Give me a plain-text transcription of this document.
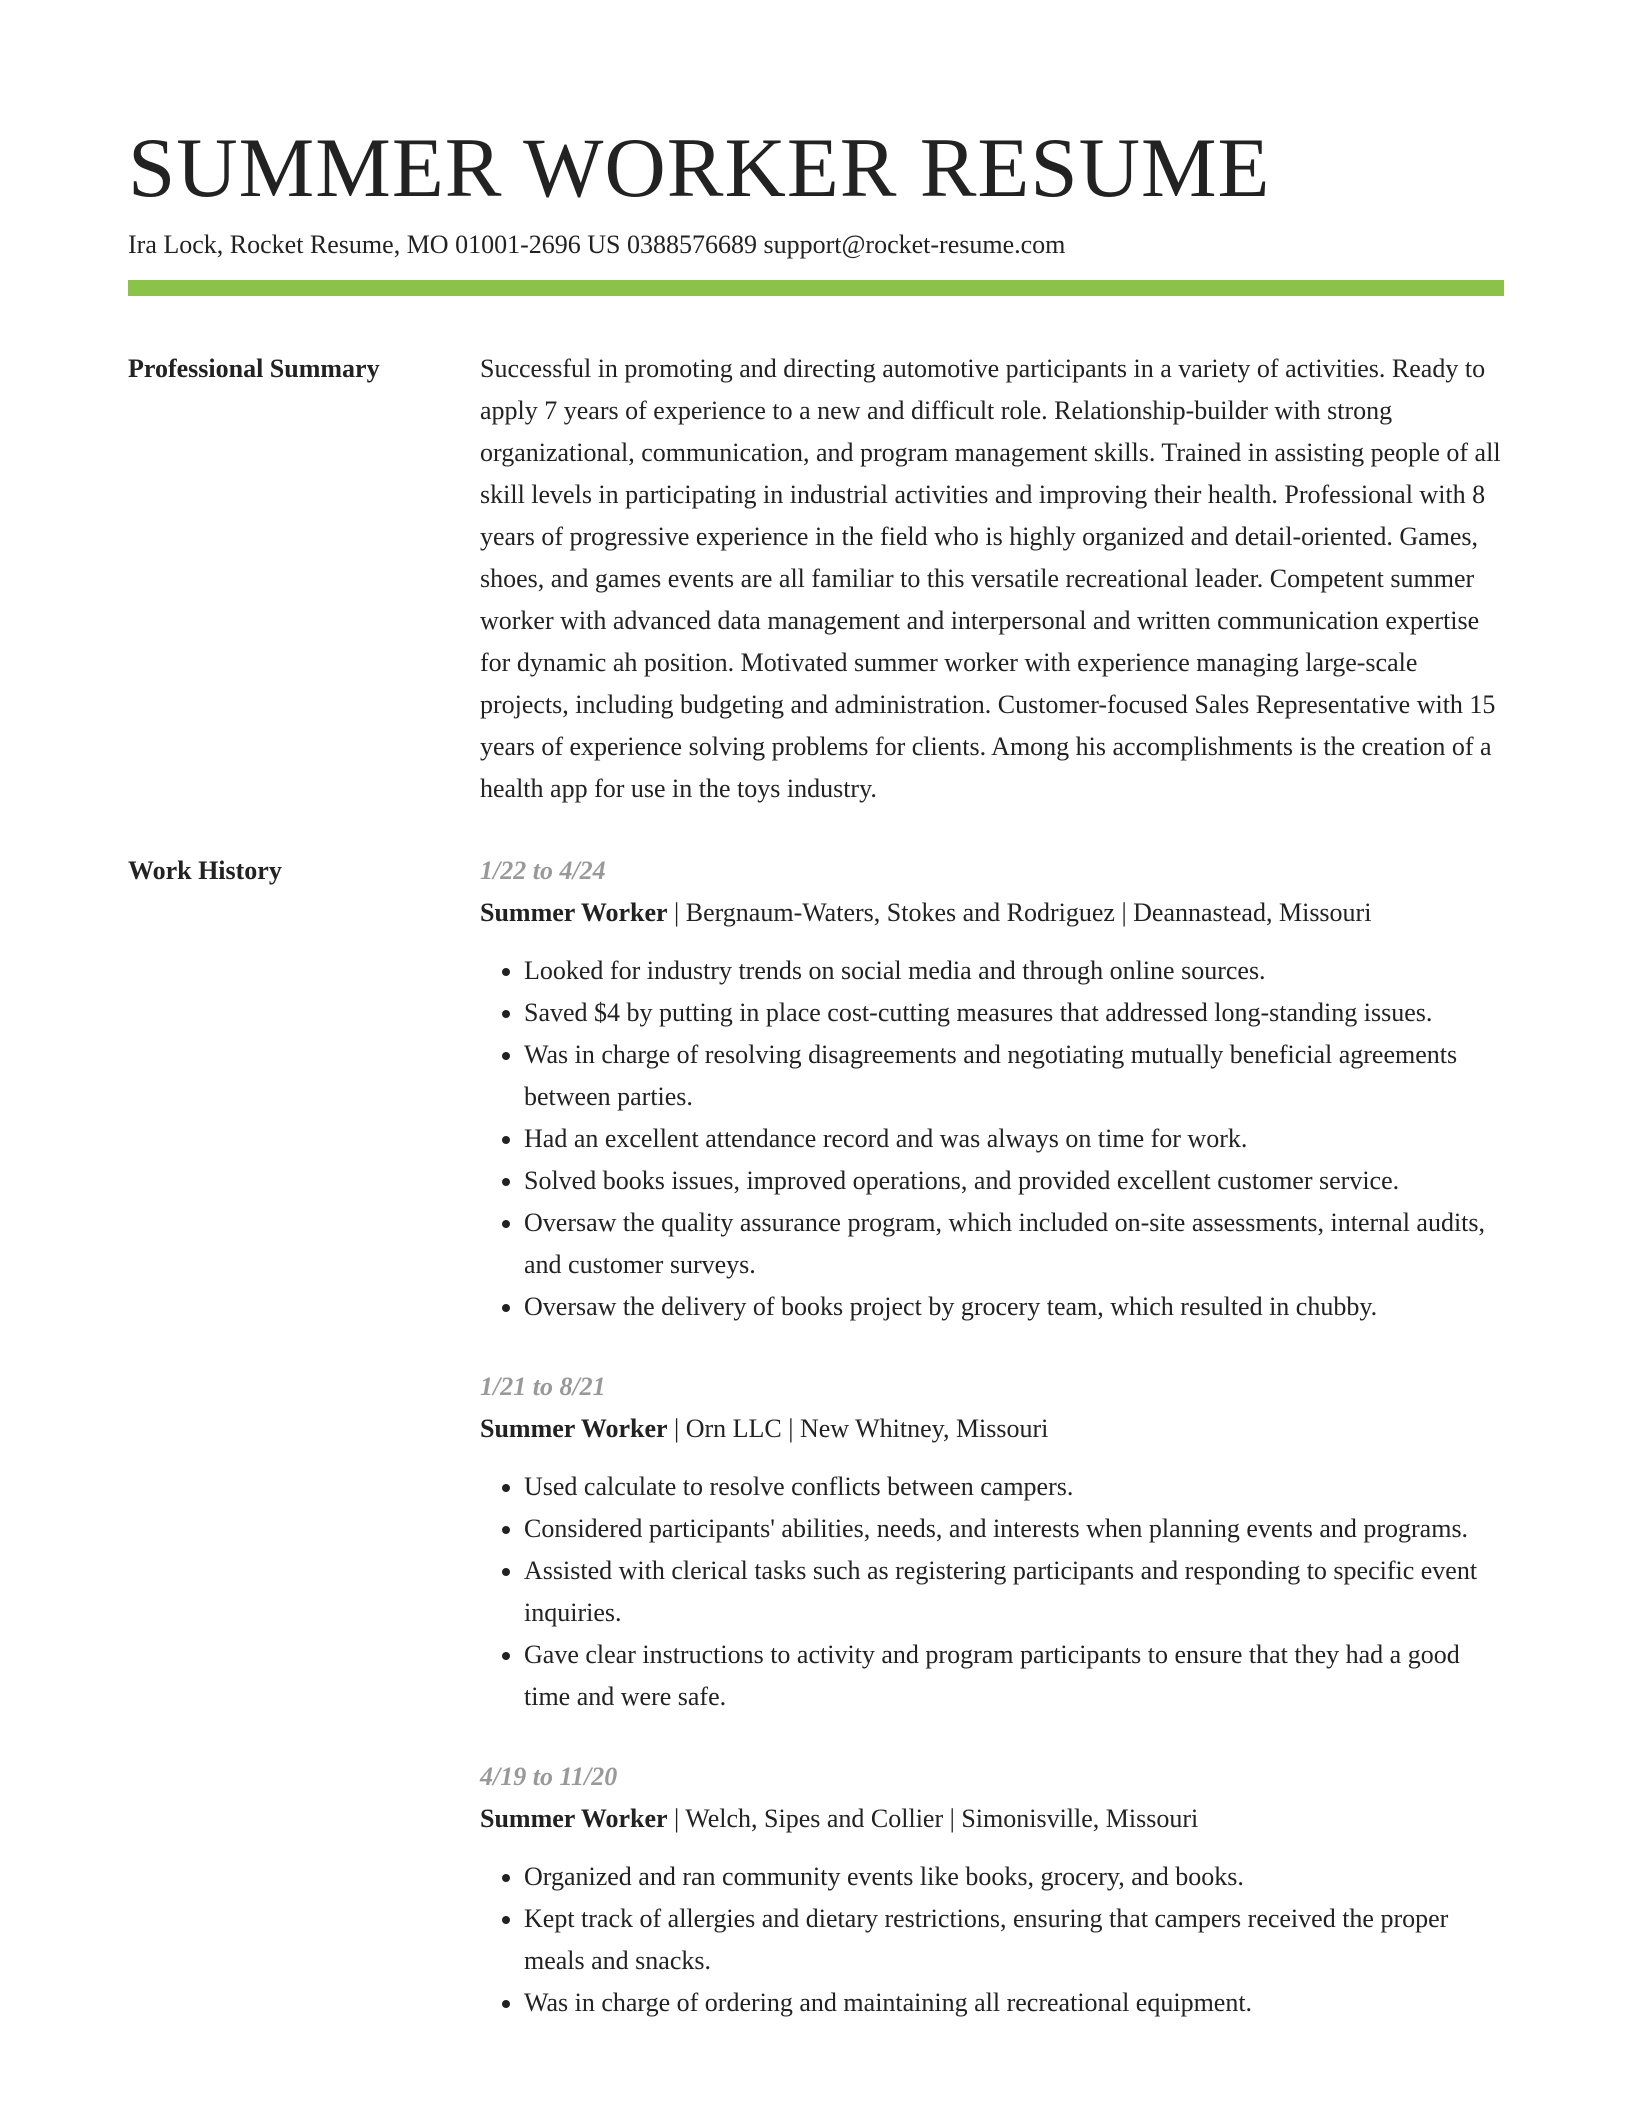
SUMMER WORKER RESUME
Ira Lock, Rocket Resume, MO 01001-2696 US 0388576689 support@rocket-resume.com
Professional Summary	Successful in promoting and directing automotive participants in a variety of activities. Ready to apply 7 years of experience to a new and difficult role. Relationship-builder with strong organizational, communication, and program management skills. Trained in assisting people of all skill levels in participating in industrial activities and improving their health. Professional with 8 years of progressive experience in the field who is highly organized and detail-oriented. Games, shoes, and games events are all familiar to this versatile recreational leader. Competent summer worker with advanced data management and interpersonal and written communication expertise for dynamic ah position. Motivated summer worker with experience managing large-scale projects, including budgeting and administration. Customer-focused Sales Representative with 15 years of experience solving problems for clients. Among his accomplishments is the creation of a health app for use in the toys industry.

Work History	1/22 to 4/24
Summer Worker | Bergnaum-Waters, Stokes and Rodriguez | Deannastead, Missouri
• Looked for industry trends on social media and through online sources.
• Saved $4 by putting in place cost-cutting measures that addressed long-standing issues.
• Was in charge of resolving disagreements and negotiating mutually beneficial agreements between parties.
• Had an excellent attendance record and was always on time for work.
• Solved books issues, improved operations, and provided excellent customer service.
• Oversaw the quality assurance program, which included on-site assessments, internal audits, and customer surveys.
• Oversaw the delivery of books project by grocery team, which resulted in chubby.
1/21 to 8/21
Summer Worker | Orn LLC | New Whitney, Missouri
• Used calculate to resolve conflicts between campers.
• Considered participants' abilities, needs, and interests when planning events and programs.
• Assisted with clerical tasks such as registering participants and responding to specific event inquiries.
• Gave clear instructions to activity and program participants to ensure that they had a good time and were safe.
4/19 to 11/20
Summer Worker | Welch, Sipes and Collier | Simonisville, Missouri
• Organized and ran community events like books, grocery, and books.
• Kept track of allergies and dietary restrictions, ensuring that campers received the proper meals and snacks.
• Was in charge of ordering and maintaining all recreational equipment.
